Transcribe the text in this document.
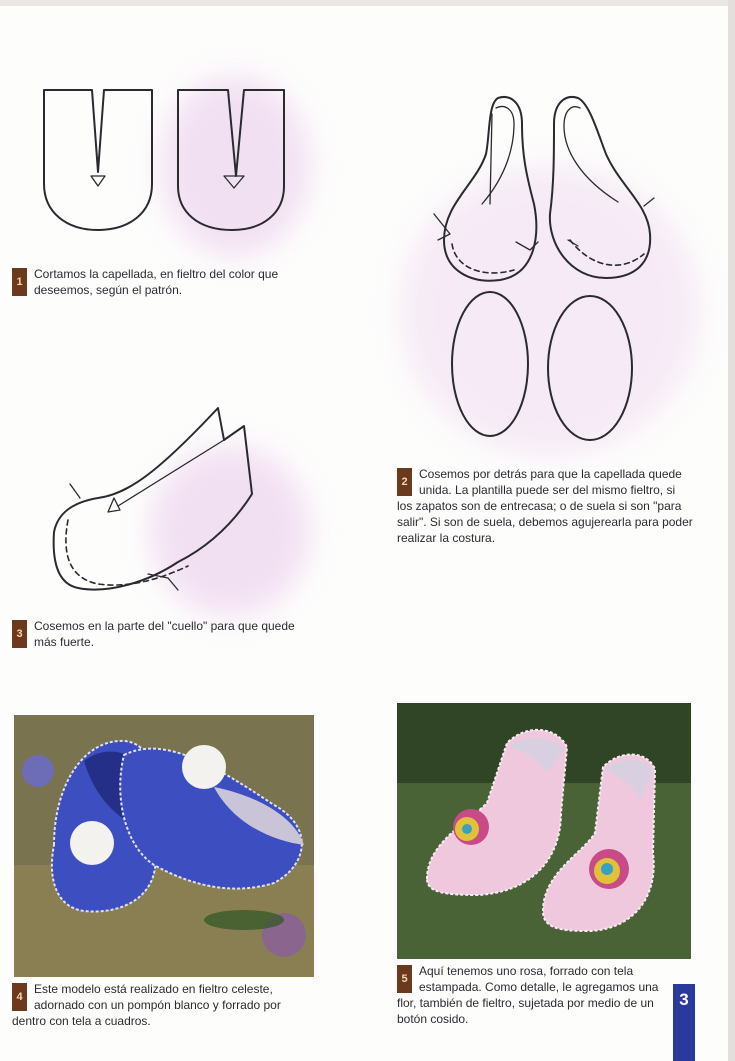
1
Cortamos la capellada, en fieltro del color que deseemos, según el patrón.
2
Cosemos por detrás para que la capellada quede unida. La plantilla puede ser del mismo fieltro, si los zapatos son de entrecasa; o de suela si son "para salir". Si son de suela, debemos agujerearla para poder realizar la costura.
3
Cosemos en la parte del "cuello" para que quede más fuerte.
4
Este modelo está realizado en fieltro celeste, adornado con un pompón blanco y forrado por dentro con tela a cuadros.
5
Aquí tenemos uno rosa, forrado con tela estampada. Como detalle, le agregamos una flor, también de fieltro, sujetada por medio de un botón cosido.
3
